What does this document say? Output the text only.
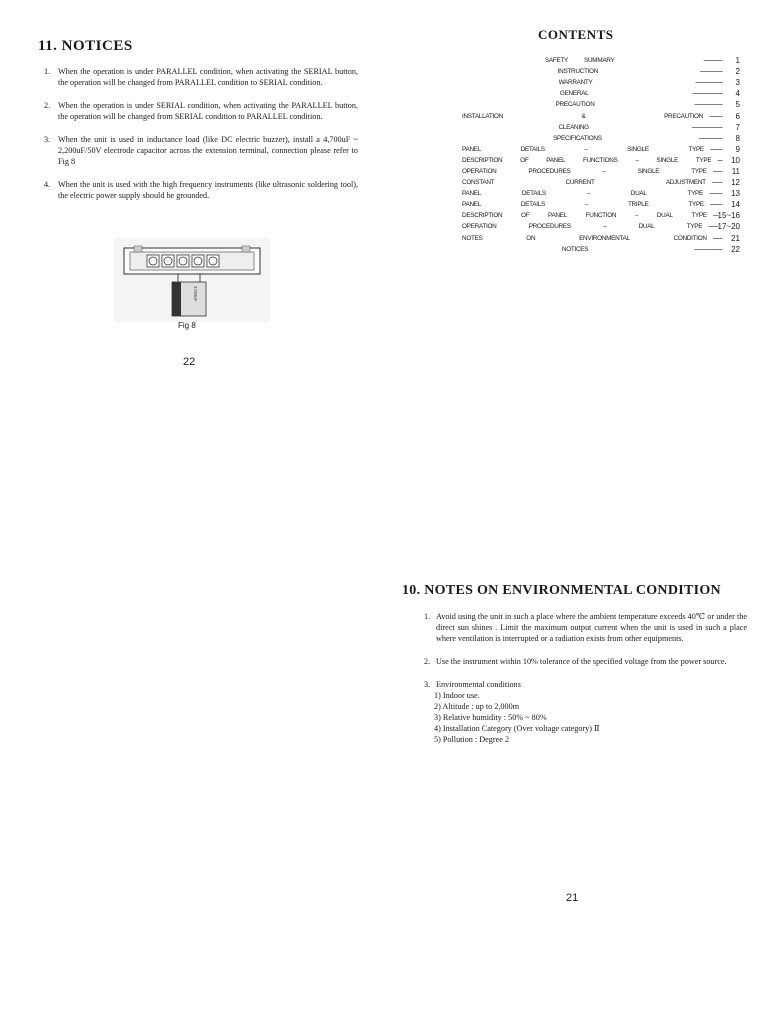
11. NOTICES
1. When the operation is under PARALLEL condition, when activating the SERIAL button, the operation will be changed from PARALLEL condition to SERIAL condition.
2. When the operation is under SERIAL condition, when activating the PARALLEL button, the operation will be changed from SERIAL condition to PARALLEL condition.
3. When the unit is used in inductance load (like DC electric buzzer), install a 4,700uF ~ 2,200uF/50V electrode capacitor across the extension terminal, connection please refer to Fig 8
4. When the unit is used with the high frequency instruments (like ultrasonic soldering tool), the electric power supply should be grounded.
4700uF
Fig 8
22
CONTENTS
SAFETY	SUMMARY	--------------------	1
INSTRUCTION	------------------------	2
WARRANTY	-----------------------------	3
GENERAL	--------------------------------	4
PRECAUTION	------------------------------	5
INSTALLATION	&	PRECAUTION --------------	6
CLEANING	---------------------------------	7
SPECIFICATIONS	-------------------------	8
PANEL	DETAILS	–	SINGLE	TYPE -------------	9
DESCRIPTION	OF	PANEL	FUNCTIONS	–	SINGLE	TYPE -----	10
OPERATION	PROCEDURES	–	SINGLE	TYPE ----------	11
CONSTANT	CURRENT	ADJUSTMENT -----------	12
PANEL	DETAILS	–	DUAL	TYPE --------------	13
PANEL	DETAILS	–	TRIPLE	TYPE -------------	14
DESCRIPTION	OF	PANEL	FUNCTION	–	DUAL	TYPE ----- 15~16
OPERATION	PROCEDURES	–	DUAL	TYPE ---------- 17~20
NOTES	ON	ENVIRONMENTAL	CONDITION ----------	21
NOTICES	------------------------------	22
10. NOTES ON ENVIRONMENTAL CONDITION
1. Avoid using the unit in such a place where the ambient temperature exceeds 40℃ or under the direct sun shines . Limit the maximum output current when the unit is used in such a place where ventilation is interrupted or a radiation exists from other equipments.
2. Use the instrument within 10% tolerance of the specified voltage from the power source.
3. Environmental conditions
1) Indoor use.
2) Altitude : up to 2,000m
3) Relative humidity : 50% ~ 80%
4) Installation Category (Over voltage category) Ⅱ
5) Pollution : Degree 2
21
